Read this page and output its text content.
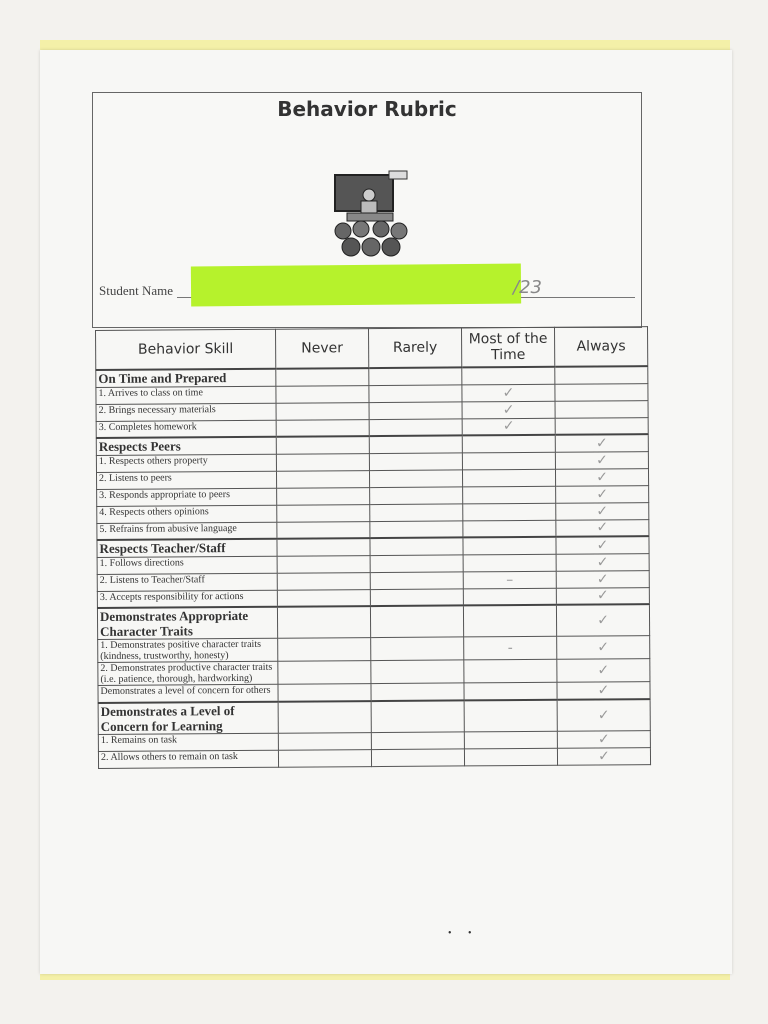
Behavior Rubric
Student Name	/23
Behavior Skill	Never	Rarely	Most of the Time	Always
On Time and Prepared				
1. Arrives to class on time			✓	
2. Brings necessary materials			✓	
3. Completes homework			✓	
Respects Peers				✓
1. Respects others property				✓
2. Listens to peers				✓
3. Responds appropriate to peers				✓
4. Respects others opinions				✓
5. Refrains from abusive language				✓
Respects Teacher/Staff				✓
1. Follows directions				✓
2. Listens to Teacher/Staff			–	✓
3. Accepts responsibility for actions				✓
Demonstrates Appropriate Character Traits				✓
1. Demonstrates positive character traits (kindness, trustworthy, honesty)			-	✓
2. Demonstrates productive character traits (i.e. patience, thorough, hardworking)				✓
Demonstrates a level of concern for others				✓
Demonstrates a Level of Concern for Learning				✓
1. Remains on task				✓
2. Allows others to remain on task				✓
• •
